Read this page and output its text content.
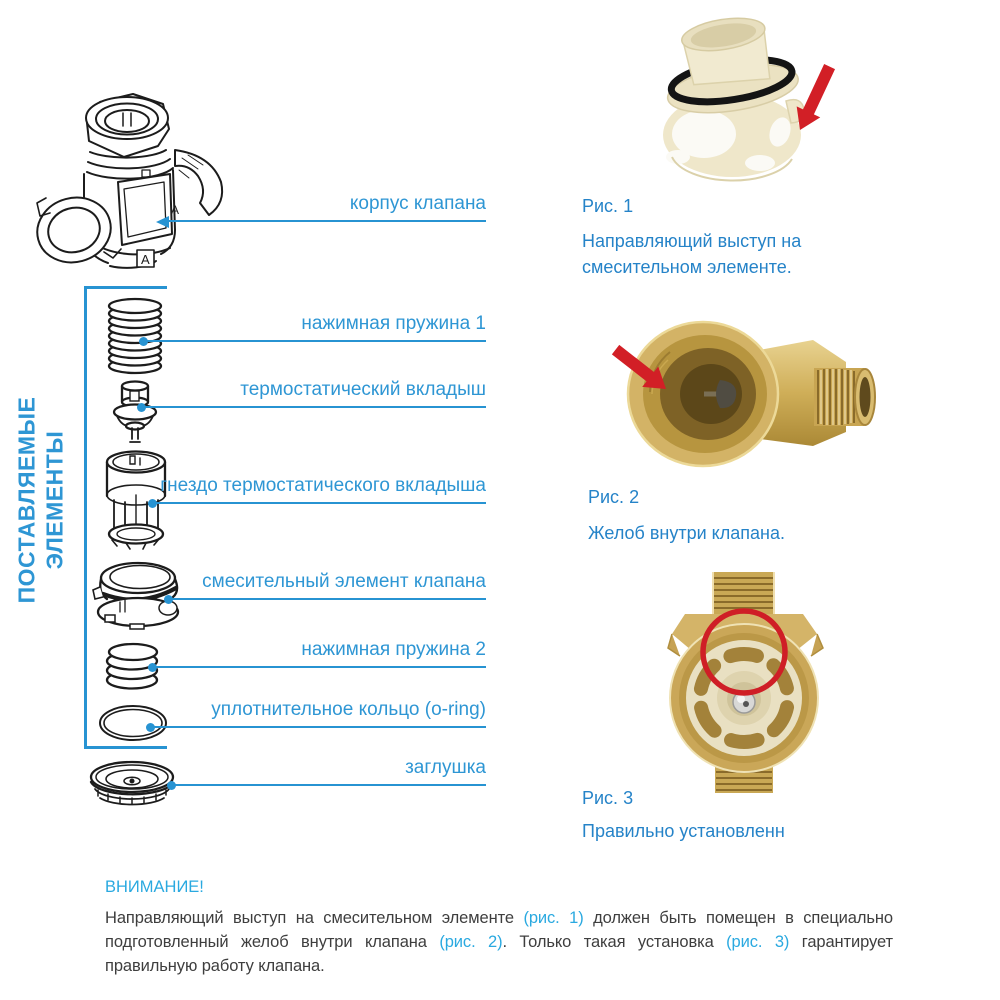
ПОСТАВЛЯЕМЫЕ ЭЛЕМЕНТЫ
A
A
корпус клапана
нажимная пружина 1
термостатический вкладыш
гнездо термостатического вкладыша
смесительный элемент клапана
нажимная пружина 2
уплотнительное кольцо (o-ring)
заглушка
Рис. 1
Направляющий выступ на смесительном элементе.
Рис. 2
Желоб внутри клапана.
Рис. 3
Правильно установленн
ВНИМАНИЕ!

Направляющий выступ на смесительном элементе (рис. 1) должен быть помещен в специально подготовленный желоб внутри клапана (рис. 2). Только такая установка (рис. 3) гарантирует правильную работу клапана.
